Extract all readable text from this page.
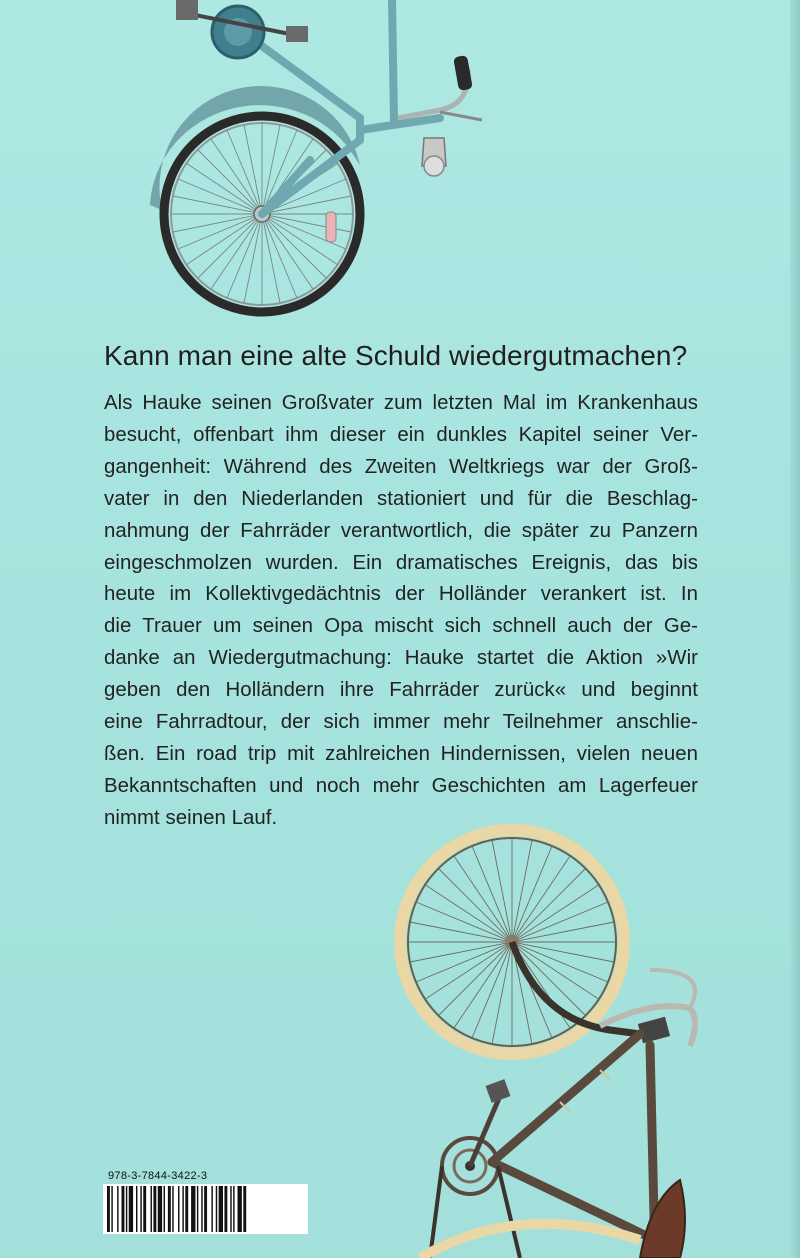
Kann man eine alte Schuld wiedergutmachen?
Als Hauke seinen Großvater zum letzten Mal im Krankenhaus
besucht, offenbart ihm dieser ein dunkles Kapitel seiner Ver-
gangenheit: Während des Zweiten Weltkriegs war der Groß-
vater in den Niederlanden stationiert und für die Beschlag-
nahmung der Fahrräder verantwortlich, die später zu Panzern
eingeschmolzen wurden. Ein dramatisches Ereignis, das bis
heute im Kollektivgedächtnis der Holländer verankert ist. In
die Trauer um seinen Opa mischt sich schnell auch der Ge-
danke an Wiedergutmachung: Hauke startet die Aktion »Wir
geben den Holländern ihre Fahrräder zurück« und beginnt
eine Fahrradtour, der sich immer mehr Teilnehmer anschlie-
ßen. Ein road trip mit zahlreichen Hindernissen, vielen neuen
Bekanntschaften und noch mehr Geschichten am Lagerfeuer
nimmt seinen Lauf.
978-3-7844-3422-3
